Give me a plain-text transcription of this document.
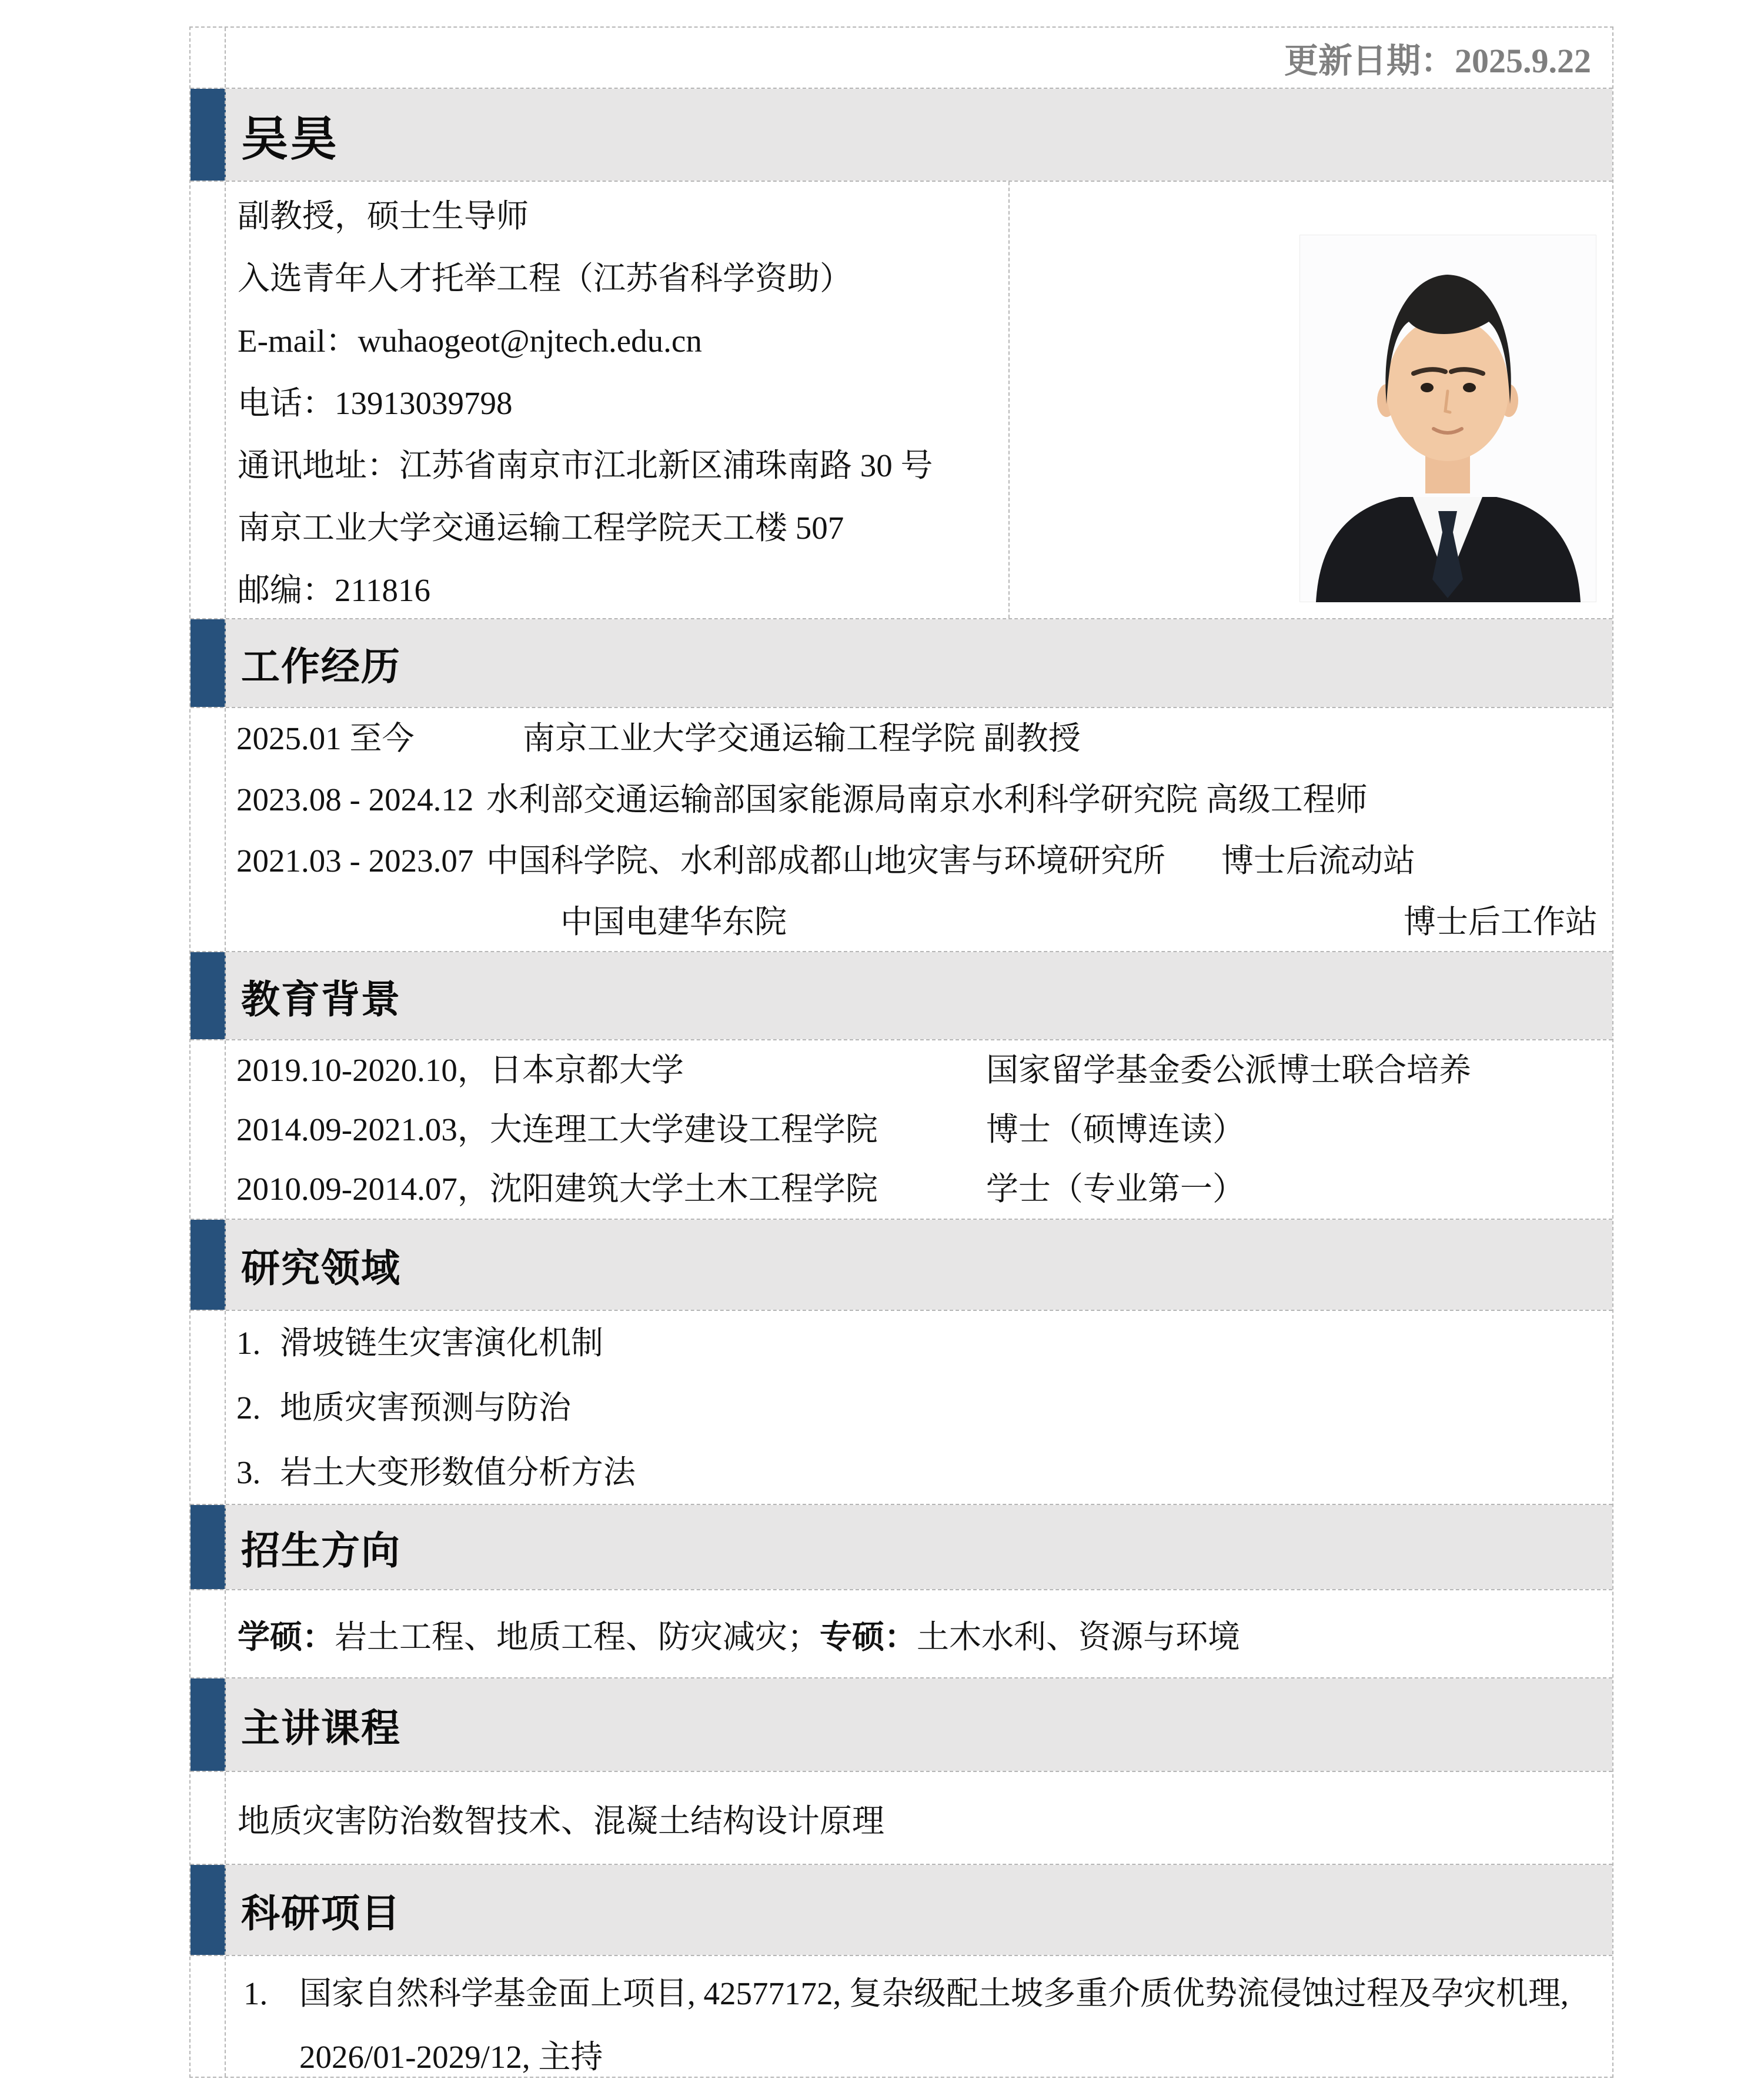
更新日期：2025.9.22
吴昊
副教授，硕士生导师
入选青年人才托举工程（江苏省科学资助）
E-mail：wuhaogeot@njtech.edu.cn
电话：13913039798
通讯地址：江苏省南京市江北新区浦珠南路 30 号
南京工业大学交通运输工程学院天工楼 507
邮编：211816
工作经历
2025.01 至今	南京工业大学交通运输工程学院 副教授
2023.08 - 2024.12 水利部交通运输部国家能源局南京水利科学研究院 高级工程师
2021.03 - 2023.07 中国科学院、水利部成都山地灾害与环境研究所 博士后流动站
中国电建华东院	博士后工作站
教育背景
2019.10-2020.10，日本京都大学	国家留学基金委公派博士联合培养
2014.09-2021.03，大连理工大学建设工程学院	博士（硕博连读）
2010.09-2014.07，沈阳建筑大学土木工程学院	学士（专业第一）
研究领域
1. 滑坡链生灾害演化机制
2. 地质灾害预测与防治
3. 岩土大变形数值分析方法
招生方向
学硕： 岩土工程、地质工程、防灾减灾； 专硕： 土木水利、资源与环境
主讲课程
地质灾害防治数智技术、混凝土结构设计原理
科研项目
1. 国家自然科学基金面上项目, 42577172, 复杂级配土坡多重介质优势流侵蚀过程及孕灾机理, 2026/01-2029/12, 主持
